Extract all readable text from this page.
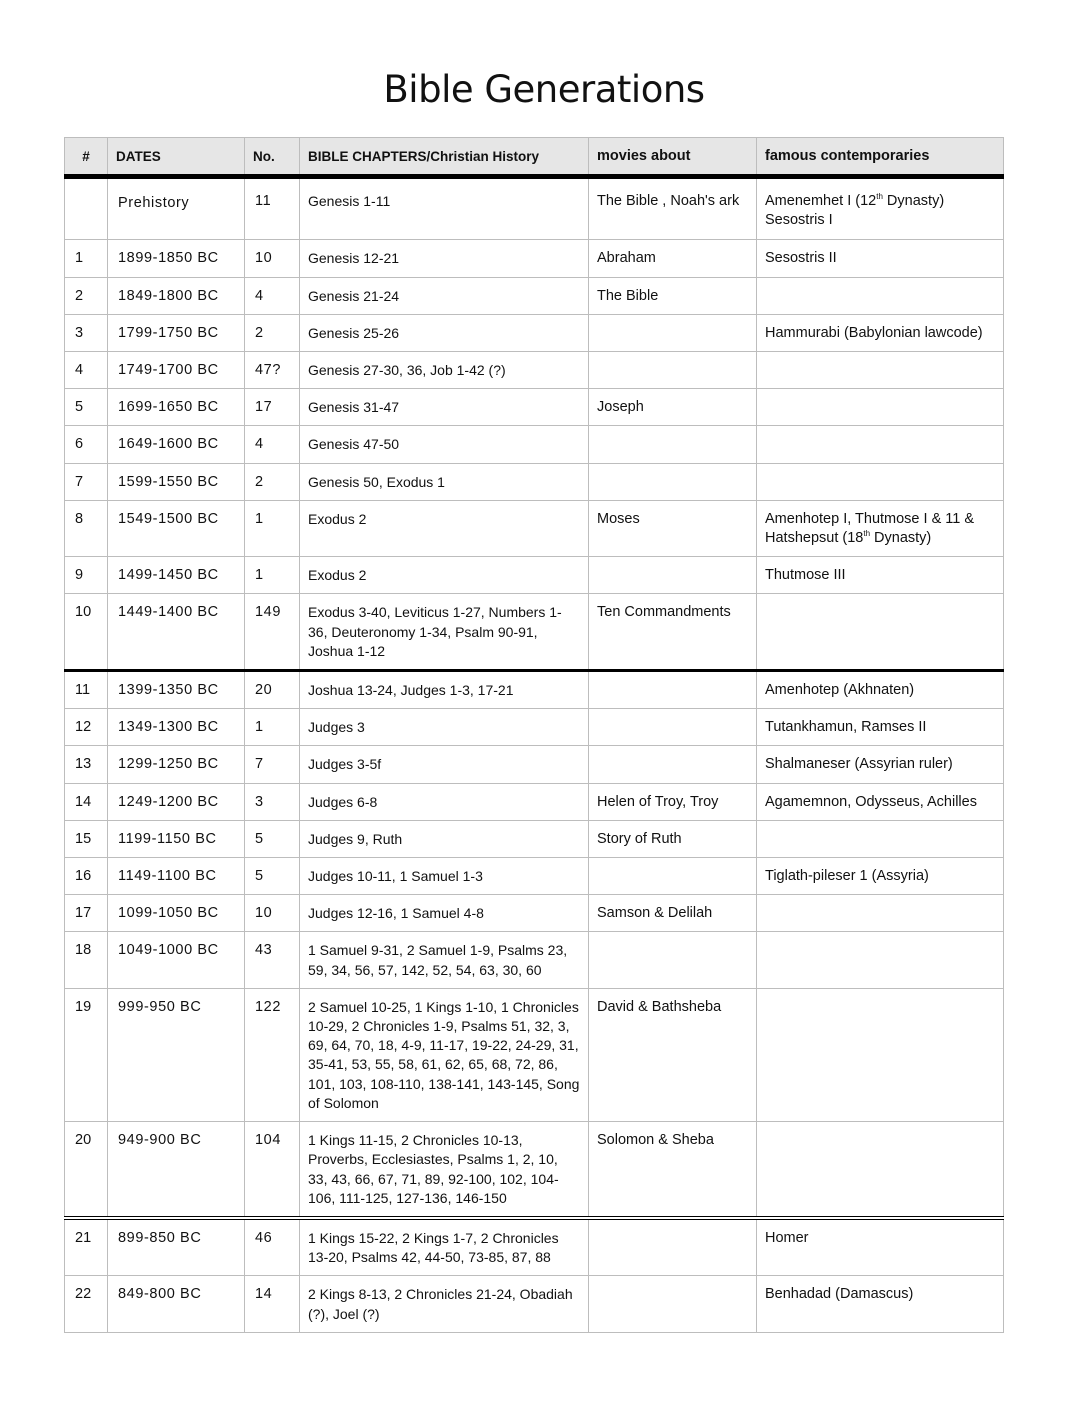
Bible Generations
#	DATES	No.	BIBLE CHAPTERS/Christian History	movies about	famous contemporaries
	Prehistory	11	Genesis 1-11	The Bible , Noah's ark	Amenemhet I (12th Dynasty)
Sesostris I
1	1899-1850 BC	10	Genesis 12-21	Abraham	Sesostris II
2	1849-1800 BC	4	Genesis 21-24	The Bible	
3	1799-1750 BC	2	Genesis 25-26		Hammurabi (Babylonian lawcode)
4	1749-1700 BC	47?	Genesis 27-30, 36, Job 1-42 (?)		
5	1699-1650 BC	17	Genesis 31-47	Joseph	
6	1649-1600 BC	4	Genesis 47-50		
7	1599-1550 BC	2	Genesis 50, Exodus 1		
8	1549-1500 BC	1	Exodus 2	Moses	Amenhotep I, Thutmose I & 11 & Hatshepsut (18th Dynasty)
9	1499-1450 BC	1	Exodus 2		Thutmose III
10	1449-1400 BC	149	Exodus 3-40, Leviticus 1-27, Numbers 1-36, Deuteronomy 1-34, Psalm 90-91, Joshua 1-12	Ten Commandments	
11	1399-1350 BC	20	Joshua 13-24, Judges 1-3, 17-21		Amenhotep (Akhnaten)
12	1349-1300 BC	1	Judges 3		Tutankhamun, Ramses II
13	1299-1250 BC	7	Judges 3-5f		Shalmaneser (Assyrian ruler)
14	1249-1200 BC	3	Judges 6-8	Helen of Troy, Troy	Agamemnon, Odysseus, Achilles
15	1199-1150 BC	5	Judges 9, Ruth	Story of Ruth	
16	1149-1100 BC	5	Judges 10-11, 1 Samuel 1-3		Tiglath-pileser 1 (Assyria)
17	1099-1050 BC	10	Judges 12-16, 1 Samuel 4-8	Samson & Delilah	
18	1049-1000 BC	43	1 Samuel 9-31, 2 Samuel 1-9, Psalms 23, 59, 34, 56, 57, 142, 52, 54, 63, 30, 60		
19	999-950 BC	122	2 Samuel 10-25, 1 Kings 1-10, 1 Chronicles 10-29, 2 Chronicles 1-9, Psalms 51, 32, 3, 69, 64, 70, 18, 4-9, 11-17, 19-22, 24-29, 31, 35-41, 53, 55, 58, 61, 62, 65, 68, 72, 86, 101, 103, 108-110, 138-141, 143-145, Song of Solomon	David & Bathsheba	
20	949-900 BC	104	1 Kings 11-15, 2 Chronicles 10-13, Proverbs, Ecclesiastes, Psalms 1, 2, 10, 33, 43, 66, 67, 71, 89, 92-100, 102, 104-106, 111-125, 127-136, 146-150	Solomon & Sheba	
21	899-850 BC	46	1 Kings 15-22, 2 Kings 1-7, 2 Chronicles 13-20, Psalms 42, 44-50, 73-85, 87, 88		Homer
22	849-800 BC	14	2 Kings 8-13, 2 Chronicles 21-24, Obadiah (?), Joel (?)		Benhadad (Damascus)
